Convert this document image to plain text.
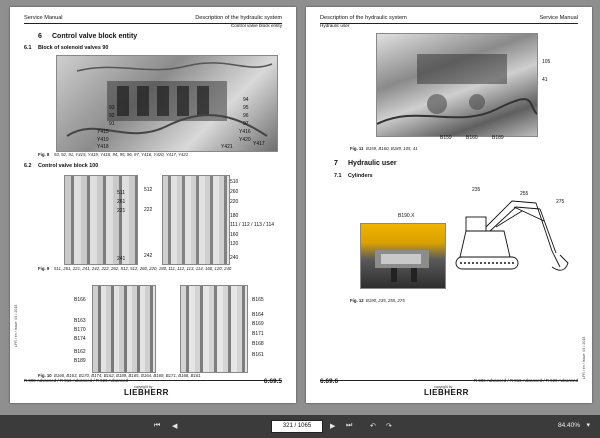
Service Manual	Description of the hydraulic system
Control valve block entity
6 Control valve block entity
6.1 Block of solenoid valves 90
94
93	95
92	96
91	97
Y415	Y416
Y419	Y420
Y417
Y418	Y421
Fig. 8 93, 92, 91, Y415, Y419, Y418, 94, 95, 96, 97, Y416, Y420, Y417, Y421
6.2 Control valve block 100
511
261
221
241
512
222
242
510
260
220
180
111 / 112 / 113 / 114
160
120
240
Fig. 9 511, 261, 221, 241, 242, 222, 262, 512, 512, 260, 220, 180, 111, 112, 113, 114, 160, 120, 240
B166
B163
B170
B174
B162
B189
B165
B164
B169
B171
B168
B161
Fig. 10 B166, B163, B170, B174, B162, B189, B165, B164, B169, B171, B168, B161
LFR / en / Issue: 03 / 2018
R 906 Advanced / R 916 Advanced / R 926 Advanced
copyright by
LIEBHERR
6.69.5
Description of the hydraulic system	Service Manual
Hydraulic user
105
41
B159	B160	B189
Fig. 11 B159, B160, B189, 105, 41
7 Hydraulic user
7.1 Cylinders
B190.X
235
255
275
Fig. 12 B190, 235, 255, 275
LFR / en / Issue: 03 / 2018
6.69.6	R 906 Advanced / R 916 Advanced / R 926 Advanced
copyright by
LIEBHERR
⏮ ◀	321 / 1065	▶ ⏭	↶ ↷	84.40% ▾
